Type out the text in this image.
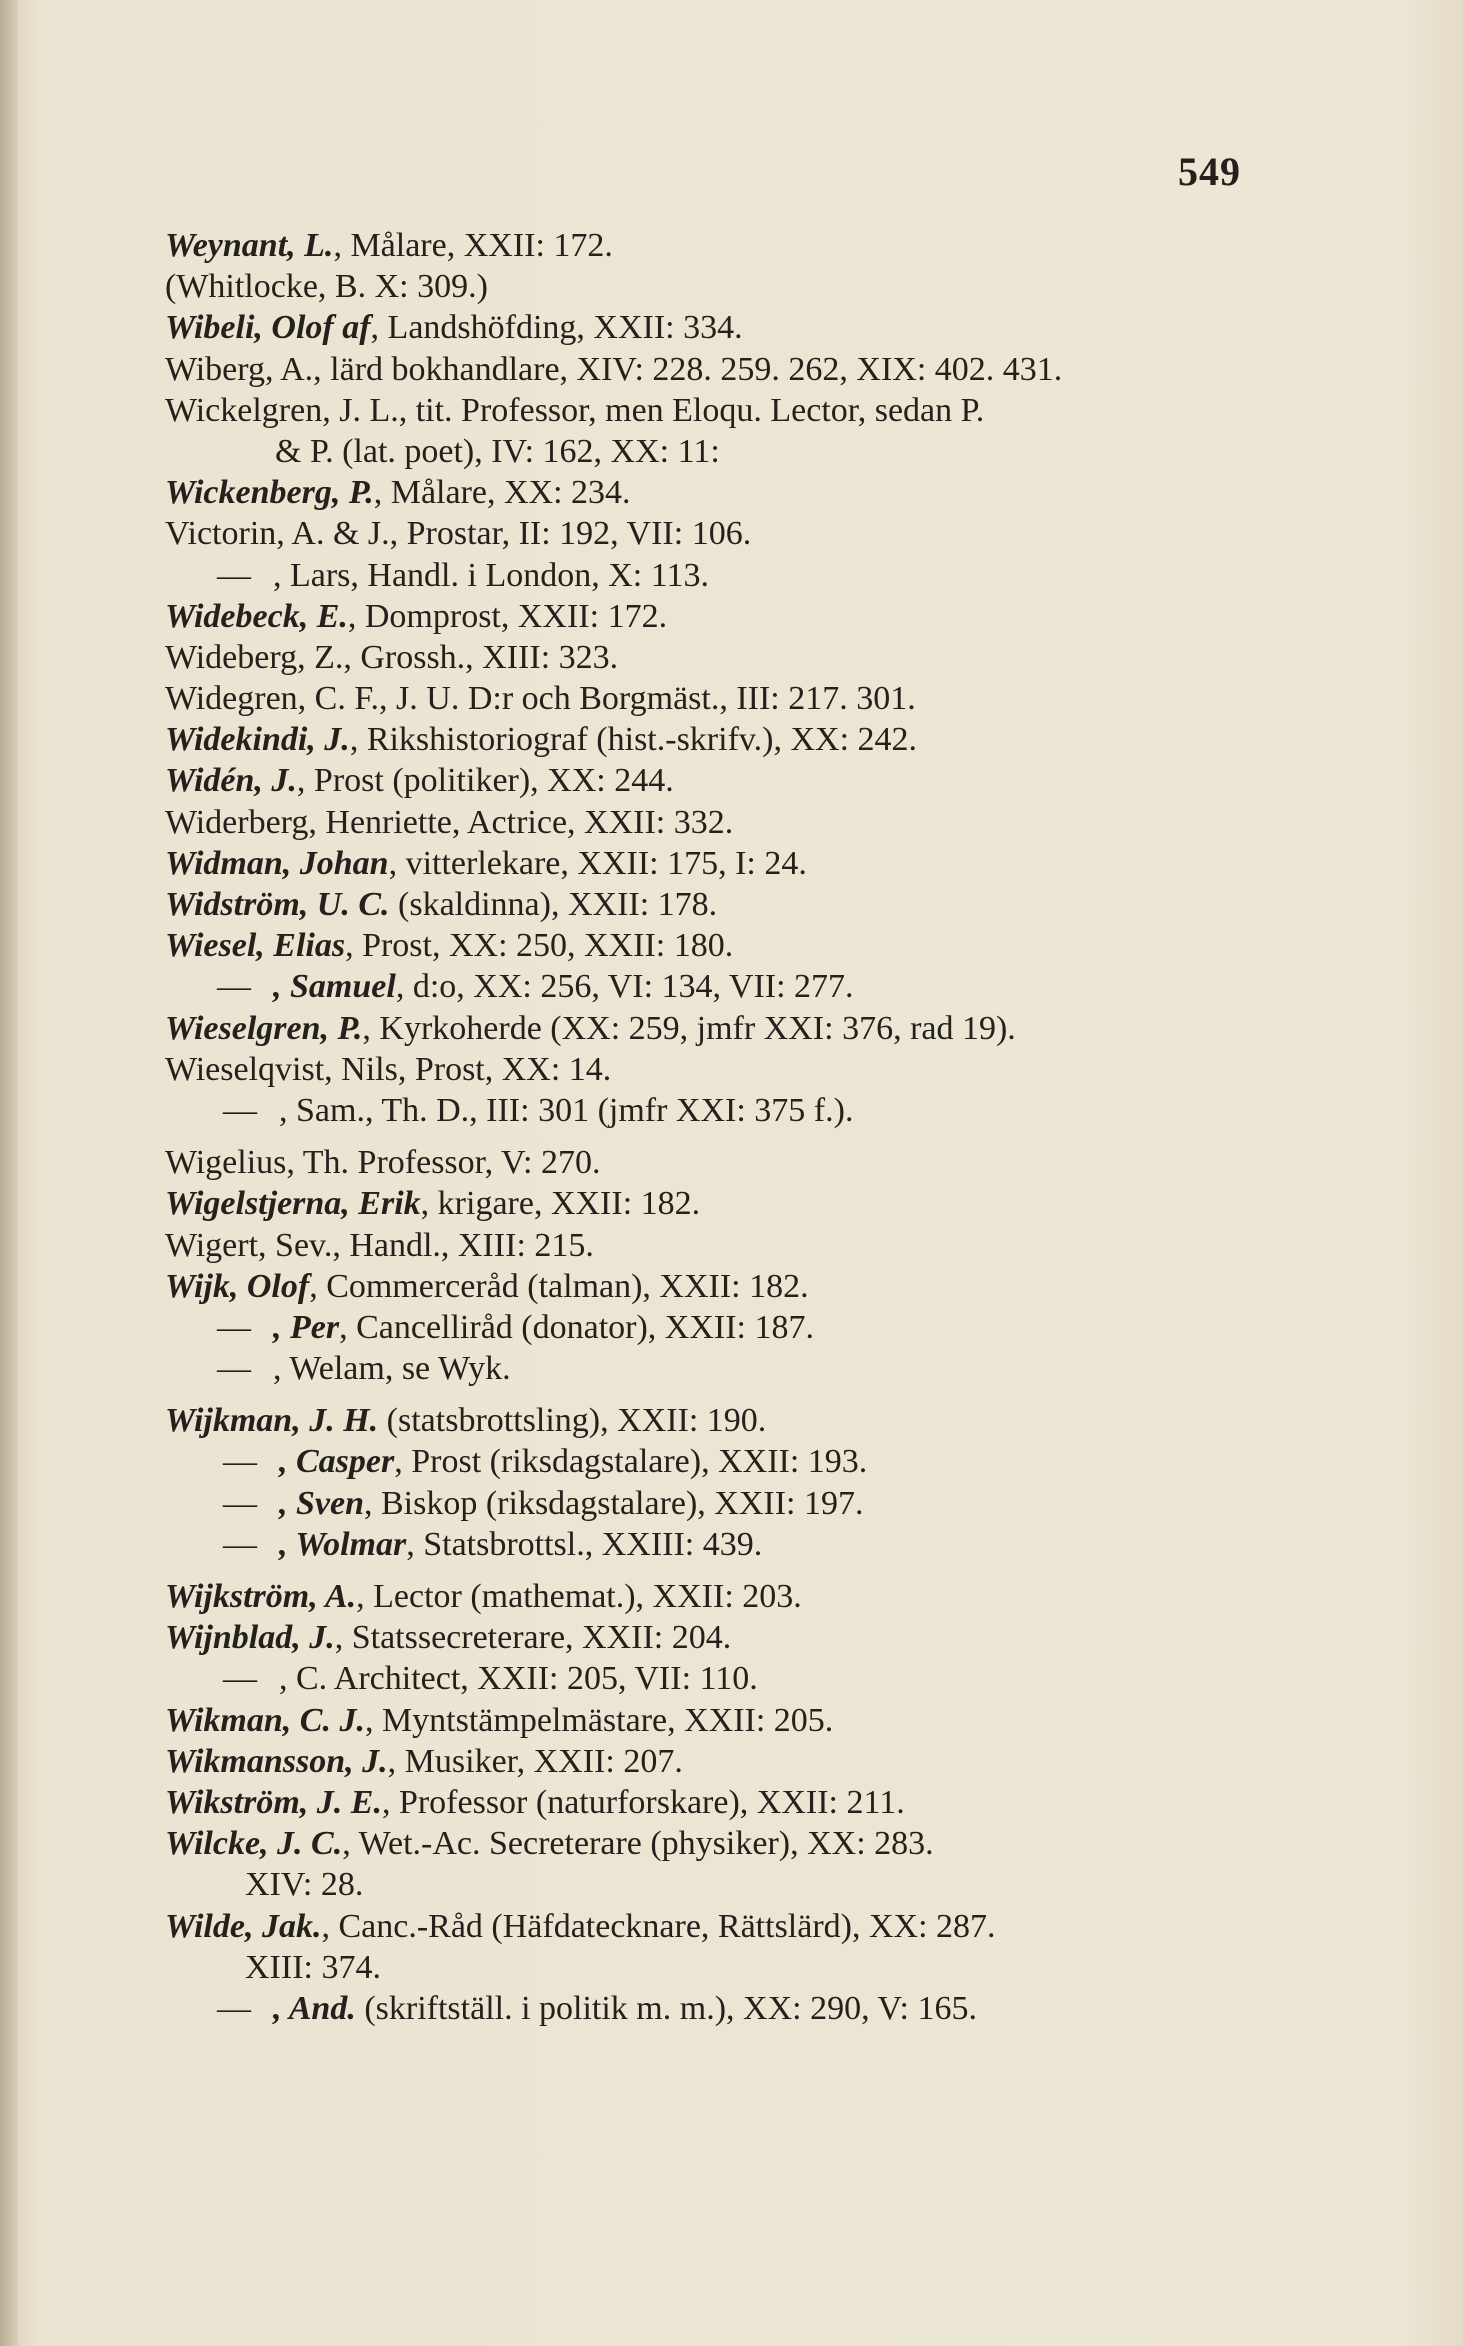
549
Weynant, L., Målare, XXII: 172.
(Whitlocke, B. X: 309.)
Wibeli, Olof af, Landshöfding, XXII: 334.
Wiberg, A., lärd bokhandlare, XIV: 228. 259. 262, XIX: 402. 431.
Wickelgren, J. L., tit. Professor, men Eloqu. Lector, sedan P.
& P. (lat. poet), IV: 162, XX: 11:
Wickenberg, P., Målare, XX: 234.
Victorin, A. & J., Prostar, II: 192, VII: 106.
— , Lars, Handl. i London, X: 113.
Widebeck, E., Domprost, XXII: 172.
Wideberg, Z., Grossh., XIII: 323.
Widegren, C. F., J. U. D:r och Borgmäst., III: 217. 301.
Widekindi, J., Rikshistoriograf (hist.-skrifv.), XX: 242.
Widén, J., Prost (politiker), XX: 244.
Widerberg, Henriette, Actrice, XXII: 332.
Widman, Johan, vitterlekare, XXII: 175, I: 24.
Widström, U. C. (skaldinna), XXII: 178.
Wiesel, Elias, Prost, XX: 250, XXII: 180.
— , Samuel, d:o, XX: 256, VI: 134, VII: 277.
Wieselgren, P., Kyrkoherde (XX: 259, jmfr XXI: 376, rad 19).
Wieselqvist, Nils, Prost, XX: 14.
— , Sam., Th. D., III: 301 (jmfr XXI: 375 f.).
Wigelius, Th. Professor, V: 270.
Wigelstjerna, Erik, krigare, XXII: 182.
Wigert, Sev., Handl., XIII: 215.
Wijk, Olof, Commerceråd (talman), XXII: 182.
— , Per, Cancelliråd (donator), XXII: 187.
— , Welam, se Wyk.
Wijkman, J. H. (statsbrottsling), XXII: 190.
— , Casper, Prost (riksdagstalare), XXII: 193.
— , Sven, Biskop (riksdagstalare), XXII: 197.
— , Wolmar, Statsbrottsl., XXIII: 439.
Wijkström, A., Lector (mathemat.), XXII: 203.
Wijnblad, J., Statssecreterare, XXII: 204.
— , C. Architect, XXII: 205, VII: 110.
Wikman, C. J., Myntstämpelmästare, XXII: 205.
Wikmansson, J., Musiker, XXII: 207.
Wikström, J. E., Professor (naturforskare), XXII: 211.
Wilcke, J. C., Wet.-Ac. Secreterare (physiker), XX: 283.
XIV: 28.
Wilde, Jak., Canc.-Råd (Häfdatecknare, Rättslärd), XX: 287.
XIII: 374.
— , And. (skriftställ. i politik m. m.), XX: 290, V: 165.
